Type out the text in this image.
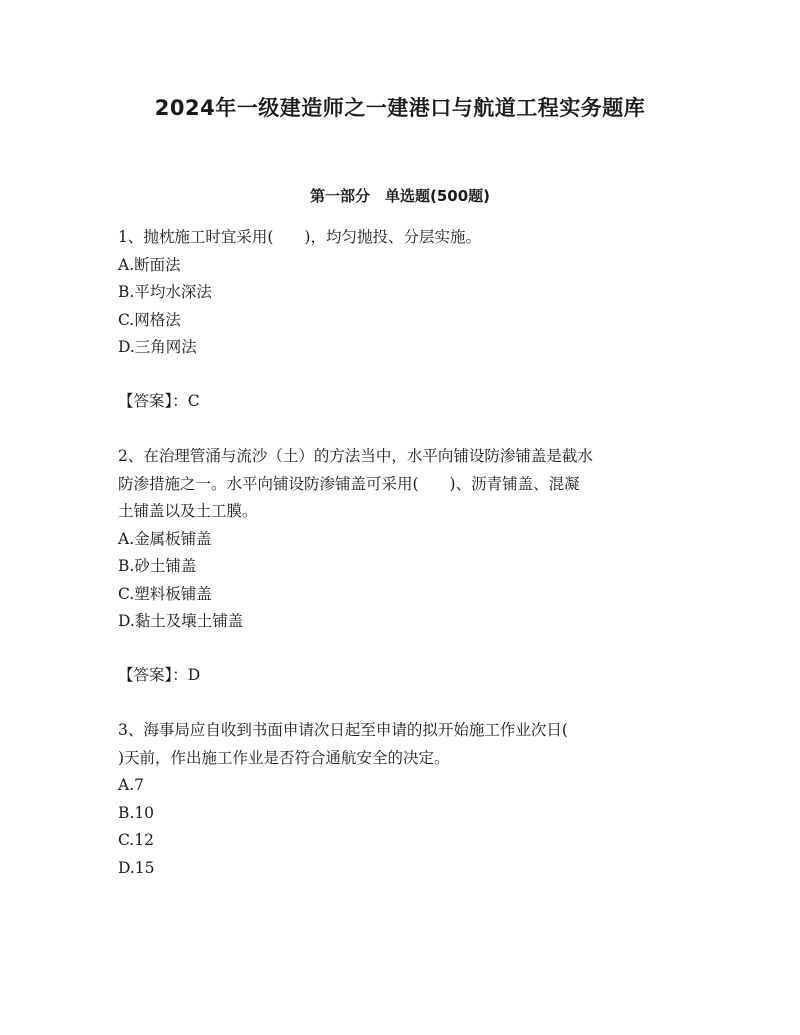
2024年一级建造师之一建港口与航道工程实务题库
第一部分　单选题(500题)

1、抛枕施工时宜采用(　　)，均匀抛投、分层实施。

A.断面法
B.平均水深法
C.网格法
D.三角网法

【答案】：C

2、在治理管涌与流沙（土）的方法当中，水平向铺设防渗铺盖是截水

防渗措施之一。水平向铺设防渗铺盖可采用(　　)、沥青铺盖、混凝

土铺盖以及土工膜。

A.金属板铺盖
B.砂土铺盖
C.塑料板铺盖
D.黏土及壤土铺盖

【答案】：D

3、海事局应自收到书面申请次日起至申请的拟开始施工作业次日(

)天前，作出施工作业是否符合通航安全的决定。

A.7
B.10
C.12
D.15
